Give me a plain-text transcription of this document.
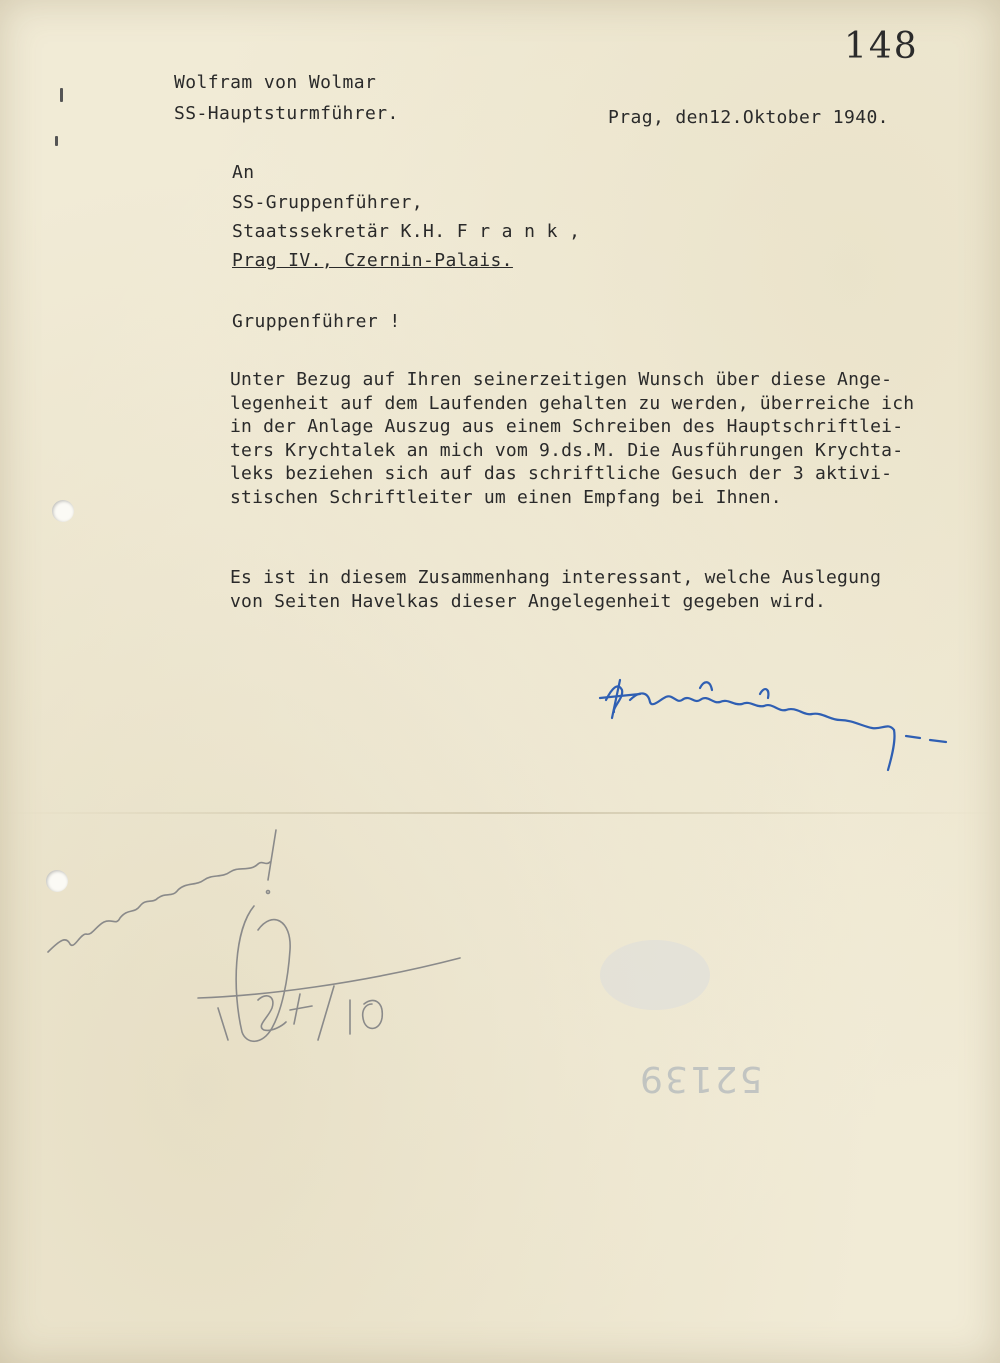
148
Wolfram von Wolmar
SS-Hauptsturmführer.	Prag, den12.Oktober 1940.
An
SS-Gruppenführer,
Staatssekretär K.H. F r a n k ,
Prag IV., Czernin-Palais.
Gruppenführer !
Unter Bezug auf Ihren seinerzeitigen Wunsch über diese Ange-
legenheit auf dem Laufenden gehalten zu werden, überreiche ich
in der Anlage Auszug aus einem Schreiben des Hauptschriftlei-
ters Krychtalek an mich vom 9.ds.M. Die Ausführungen Krychta-
leks beziehen sich auf das schriftliche Gesuch der 3 aktivi-
stischen Schriftleiter um einen Empfang bei Ihnen.
Es ist in diesem Zusammenhang interessant, welche Auslegung
von Seiten Havelkas dieser Angelegenheit gegeben wird.
52139
